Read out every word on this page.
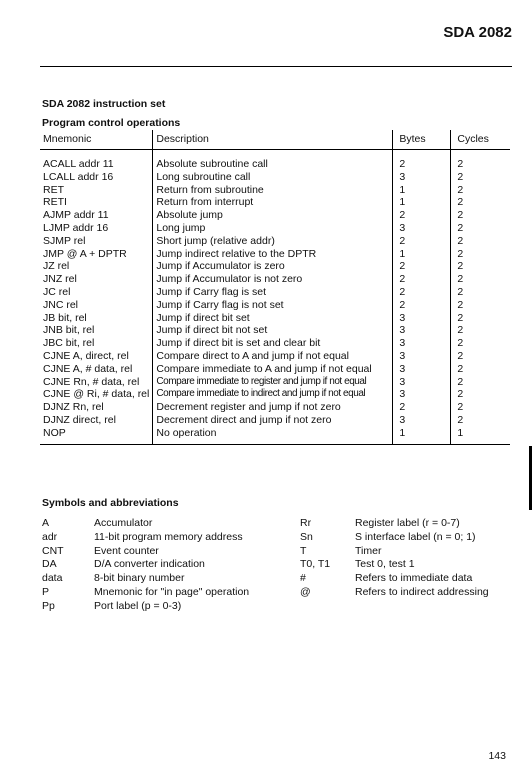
SDA 2082
SDA 2082 instruction set
Program control operations
Mnemonic	Description	Bytes	Cycles
ACALL addr 11	Absolute subroutine call	2	2
LCALL addr 16	Long subroutine call	3	2
RET	Return from subroutine	1	2
RETI	Return from interrupt	1	2
AJMP addr 11	Absolute jump	2	2
LJMP addr 16	Long jump	3	2
SJMP rel	Short jump (relative addr)	2	2
JMP @ A + DPTR	Jump indirect relative to the DPTR	1	2
JZ rel	Jump if Accumulator is zero	2	2
JNZ rel	Jump if Accumulator is not zero	2	2
JC rel	Jump if Carry flag is set	2	2
JNC rel	Jump if Carry flag is not set	2	2
JB bit, rel	Jump if direct bit set	3	2
JNB bit, rel	Jump if direct bit not set	3	2
JBC bit, rel	Jump if direct bit is set and clear bit	3	2
CJNE A, direct, rel	Compare direct to A and jump if not equal	3	2
CJNE A, # data, rel	Compare immediate to A and jump if not equal	3	2
CJNE Rn, # data, rel	Compare immediate to register and jump if not equal	3	2
CJNE @ Ri, # data, rel	Compare immediate to indirect and jump if not equal	3	2
DJNZ Rn, rel	Decrement register and jump if not zero	2	2
DJNZ direct, rel	Decrement direct and jump if not zero	3	2
NOP	No operation	1	1
Symbols and abbreviations
A	Accumulator
adr	11-bit program memory address
CNT	Event counter
DA	D/A converter indication
data	8-bit binary number
P	Mnemonic for "in page" operation
Pp	Port label (p = 0-3)
Rr	Register label (r = 0-7)
Sn	S interface label (n = 0; 1)
T	Timer
T0, T1 Test 0, test 1
#	Refers to immediate data
@	Refers to indirect addressing
143
